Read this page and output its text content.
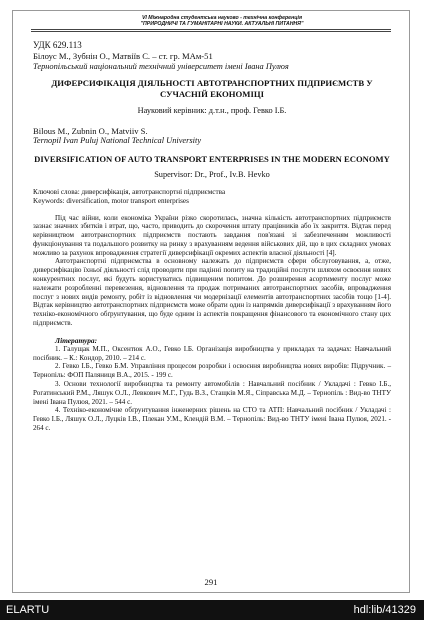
VI Міжнародна студентська науково - технічна конференція
"ПРИРОДНИЧІ ТА ГУМАНІТАРНІ НАУКИ. АКТУАЛЬНІ ПИТАННЯ"
УДК 629.113
Білоус М., Зубнін О., Матвіїв С. – ст. гр. МАм-51
Тернопільський національний технічний університет імені Івана Пулюя
ДИФЕРСИФІКАЦІЯ ДІЯЛЬНОСТІ АВТОТРАНСПОРТНИХ ПІДПРИЄМСТВ У СУЧАСНІЙ ЕКОНОМІЦІ
Науковий керівник: д.т.н., проф. Гевко І.Б.
Bilous M., Zubnin O., Matviiv S.
Ternopil Ivan Puluj National Technical University
DIVERSIFICATION OF AUTO TRANSPORT ENTERPRISES IN THE MODERN ECONOMY
Supervisor: Dr., Prof., Iv.B. Hevko
Ключові слова: диверсифікація, автотранспортні підприємства
Keywords: diversification, motor transport enterprises
Під час війни, коли економіка України різко скоротилась, значна кількість автотранспортних підприємств зазнає значних збитків і втрат, що, часто, приводить до скорочення штату працівників або їх закриття. Відтак перед керівництвом автотранспортних підприємств постають завдання пов'язані зі забезпеченням можливості функціонування та подальшого розвитку на ринку з врахуванням ведення військових дій, що в цих складних умовах можливо за рахунок впровадження стратегії диверсифікації окремих аспектів власної діяльності [4].
Автотранспортні підприємства в основному належать до підприємств сфери обслуговування, а, отже, диверсифікацію їхньої діяльності слід проводити при падінні попиту на традиційні послуги шляхом освоєння нових конкурентних послуг, які будуть користуватись підвищеним попитом. До розширення асортименту послуг може належати розробленні перевезення, відновлення та продаж потриманих автотранспортних засобів, впровадження послуг з нових видів ремонту, робіт із відновлення чи модернізації елементів автотранспортних засобів тощо [1-4]. Відтак керівництво автотранспортних підприємств може обрати один із напрямків диверсифікації з врахуванням його техніко-економічного обґрунтування, що буде одним із аспектів покращення фінансового та економічного стану цих підприємств.
Література:
1. Галущак М.П., Оксентюк А.О., Гевко І.Б. Організація виробництва у прикладах та задачах: Навчальний посібник. – К.: Кондор, 2010. – 214 с.
2. Гевко І.Б., Гевко Б.М. Управління процесом розробки і освоєння виробництва нових виробів: Підручник. – Тернопіль: ФОП Паляниця В.А., 2015. - 199 с.
3. Основи технології виробництва та ремонту автомобілів : Навчальний посібник / Укладачі : Гевко І.Б., Рогатинський Р.М., Ляшук О.Л., Левкович М.Г., Гудь В.З., Стащків М.Я., Сіправська М.Д. – Тернопіль : Вид-во ТНТУ імені Івана Пулюя, 2021. – 544 с.
4. Техніко-економічне обґрунтування інженерних рішень на СТО та АТП: Навчальний посібник / Укладачі : Гевко І.Б., Ляшук О.Л., Луцків І.В., Плекан У.М., Клендій В.М. – Тернопіль: Вид-во ТНТУ імені Івана Пулюя, 2021. - 264 с.
291
ELARTU	hdl:lib/41329
